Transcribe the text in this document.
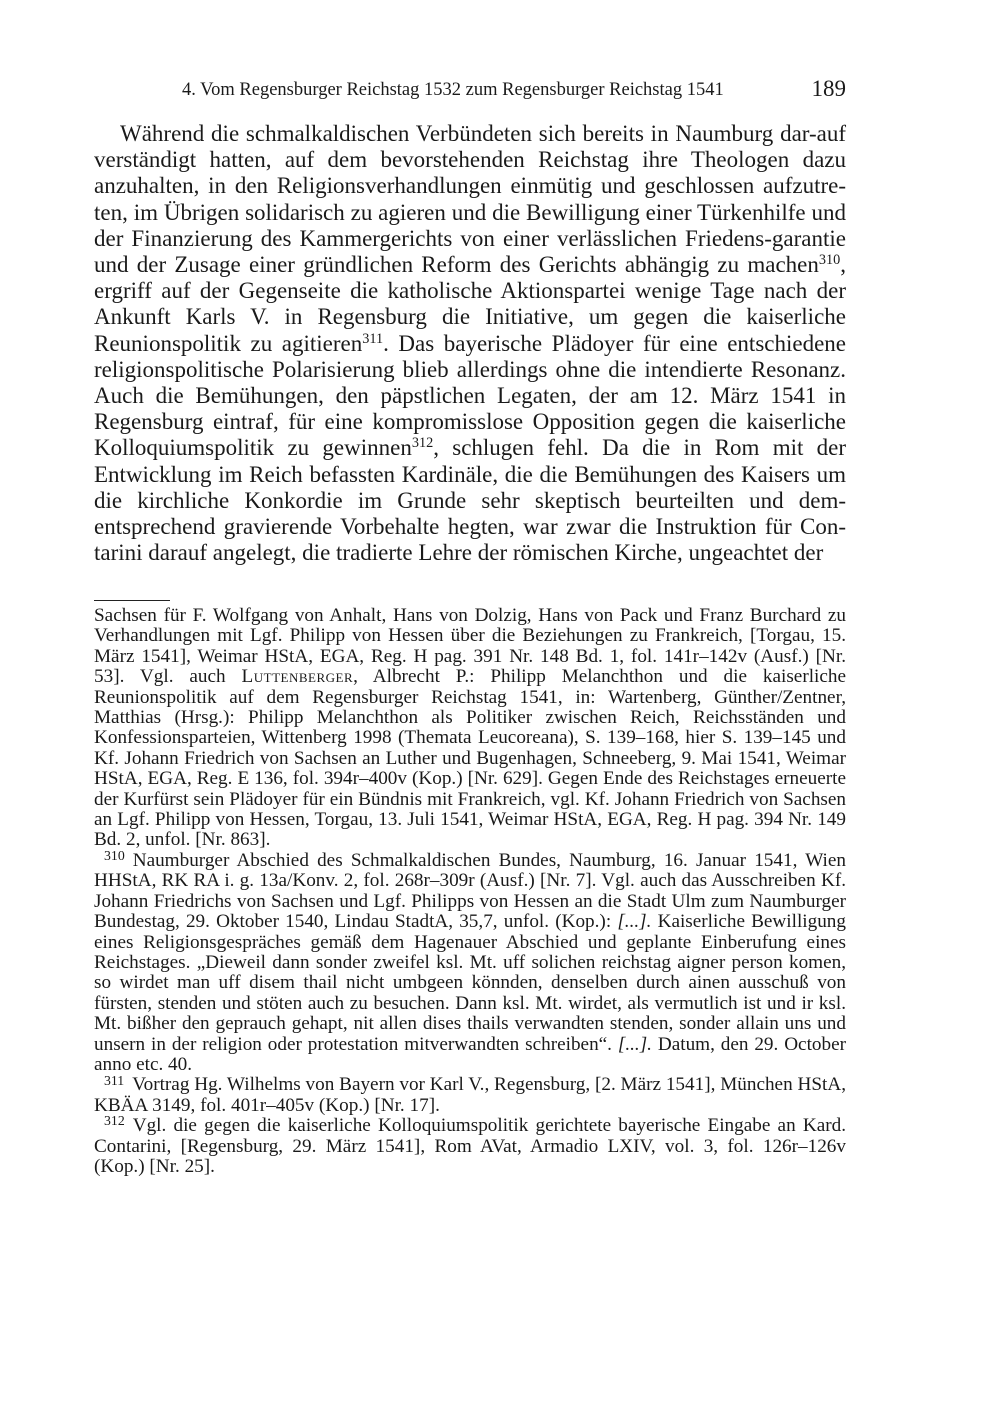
4. Vom Regensburger Reichstag 1532 zum Regensburger Reichstag 1541	189

Während die schmalkaldischen Verbündeten sich bereits in Naumburg dar-auf verständigt hatten, auf dem bevorstehenden Reichstag ihre Theologen dazu anzuhalten, in den Religionsverhandlungen einmütig und geschlossen aufzutre-ten, im Übrigen solidarisch zu agieren und die Bewilligung einer Türkenhilfe und der Finanzierung des Kammergerichts von einer verlässlichen Friedens-garantie und der Zusage einer gründlichen Reform des Gerichts abhängig zu machen$^{310}$, ergriff auf der Gegenseite die katholische Aktionspartei wenige Tage nach der Ankunft Karls V. in Regensburg die Initiative, um gegen die kaiserliche Reunionspolitik zu agitieren$^{311}$. Das bayerische Plädoyer für eine entschiedene religionspolitische Polarisierung blieb allerdings ohne die intendierte Resonanz. Auch die Bemühungen, den päpstlichen Legaten, der am 12. März 1541 in Regensburg eintraf, für eine kompromisslose Opposition gegen die kaiserliche Kolloquiumspolitik zu gewinnen$^{312}$, schlugen fehl. Da die in Rom mit der Entwicklung im Reich befassten Kardinäle, die die Bemühungen des Kaisers um die kirchliche Konkordie im Grunde sehr skeptisch beurteilten und dem-entsprechend gravierende Vorbehalte hegten, war zwar die Instruktion für Con-tarini darauf angelegt, die tradierte Lehre der römischen Kirche, ungeachtet der

Sachsen für F. Wolfgang von Anhalt, Hans von Dolzig, Hans von Pack und Franz Burchard zu Verhandlungen mit Lgf. Philipp von Hessen über die Beziehungen zu Frankreich, [Torgau, 15. März 1541], Weimar HStA, EGA, Reg. H pag. 391 Nr. 148 Bd. 1, fol. 141r–142v (Ausf.) [Nr. 53]. Vgl. auch Luttenberger, Albrecht P.: Philipp Melanchthon und die kaiserliche Reunionspolitik auf dem Regensburger Reichstag 1541, in: Wartenberg, Günther/Zentner, Matthias (Hrsg.): Philipp Melanchthon als Politiker zwischen Reich, Reichsständen und Konfessionsparteien, Wittenberg 1998 (Themata Leucoreana), S. 139–168, hier S. 139–145 und Kf. Johann Friedrich von Sachsen an Luther und Bugenhagen, Schneeberg, 9. Mai 1541, Weimar HStA, EGA, Reg. E 136, fol. 394r–400v (Kop.) [Nr. 629]. Gegen Ende des Reichstages erneuerte der Kurfürst sein Plädoyer für ein Bündnis mit Frankreich, vgl. Kf. Johann Friedrich von Sachsen an Lgf. Philipp von Hessen, Torgau, 13. Juli 1541, Weimar HStA, EGA, Reg. H pag. 394 Nr. 149 Bd. 2, unfol. [Nr. 863].

$^{310}$ Naumburger Abschied des Schmalkaldischen Bundes, Naumburg, 16. Januar 1541, Wien HHStA, RK RA i. g. 13a/Konv. 2, fol. 268r–309r (Ausf.) [Nr. 7]. Vgl. auch das Ausschreiben Kf. Johann Friedrichs von Sachsen und Lgf. Philipps von Hessen an die Stadt Ulm zum Naumburger Bundestag, 29. Oktober 1540, Lindau StadtA, 35,7, unfol. (Kop.): [...]. Kaiserliche Bewilligung eines Religionsgespräches gemäß dem Hagenauer Abschied und geplante Einberufung eines Reichstages. „Dieweil dann sonder zweifel ksl. Mt. uff solichen reichstag aigner person komen, so wirdet man uff disem thail nicht umbgeen könnden, denselben durch ainen ausschuß von fürsten, stenden und stöten auch zu besuchen. Dann ksl. Mt. wirdet, als vermutlich ist und ir ksl. Mt. bißher den geprauch gehapt, nit allen dises thails verwandten stenden, sonder allain uns und unsern in der religion oder protestation mitverwandten schreiben“. [...]. Datum, den 29. October anno etc. 40.

$^{311}$ Vortrag Hg. Wilhelms von Bayern vor Karl V., Regensburg, [2. März 1541], München HStA, KBÄA 3149, fol. 401r–405v (Kop.) [Nr. 17].

$^{312}$ Vgl. die gegen die kaiserliche Kolloquiumspolitik gerichtete bayerische Eingabe an Kard. Contarini, [Regensburg, 29. März 1541], Rom AVat, Armadio LXIV, vol. 3, fol. 126r–126v (Kop.) [Nr. 25].
